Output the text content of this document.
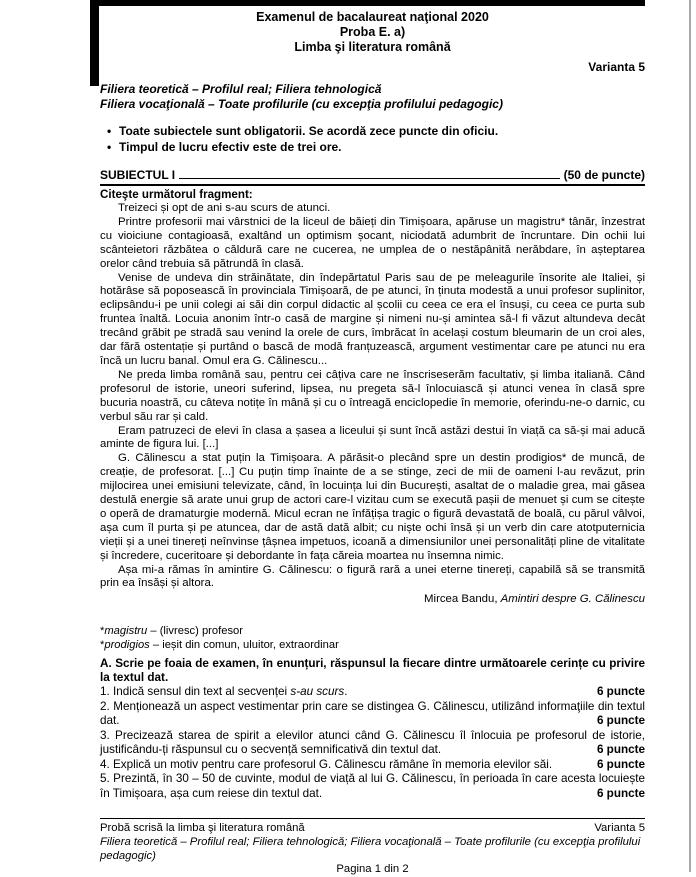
Examenul de bacalaureat naţional 2020
Proba E. a)
Limba şi literatura română
Varianta 5
Filiera teoretică – Profilul real; Filiera tehnologică
Filiera vocaţională – Toate profilurile (cu excepţia profilului pedagogic)
• Toate subiectele sunt obligatorii. Se acordă zece puncte din oficiu.
• Timpul de lucru efectiv este de trei ore.
SUBIECTUL I	(50 de puncte)
Citeşte următorul fragment:

Treizeci și opt de ani s-au scurs de atunci.

Printre profesorii mai vârstnici de la liceul de băieți din Timișoara, apăruse un magistru* tânăr, înzestrat cu vioiciune contagioasă, exaltând un optimism șocant, niciodată adumbrit de încruntare. Din ochii lui scânteietori răzbătea o căldură care ne cucerea, ne umplea de o nestăpânită nerăbdare, în așteptarea orelor când trebuia să pătrundă în clasă.

Venise de undeva din străinătate, din îndepărtatul Paris sau de pe meleagurile însorite ale Italiei, și hotărâse să poposească în provinciala Timișoară, de pe atunci, în ținuta modestă a unui profesor suplinitor, eclipsându-i pe unii colegi ai săi din corpul didactic al școlii cu ceea ce era el însuși, cu ceea ce purta sub fruntea înaltă. Locuia anonim într-o casă de margine și nimeni nu-și amintea să-l fi văzut altundeva decât trecând grăbit pe stradă sau venind la orele de curs, îmbrăcat în același costum bleumarin de un croi ales, dar fără ostentație și purtând o bască de modă franțuzească, argument vestimentar care pe atunci nu era încă un lucru banal. Omul era G. Călinescu...

Ne preda limba română sau, pentru cei câțiva care ne înscriseserăm facultativ, și limba italiană. Când profesorul de istorie, uneori suferind, lipsea, nu pregeta să-l înlocuiască și atunci venea în clasă spre bucuria noastră, cu câteva notițe în mână și cu o întreagă enciclopedie în memorie, oferindu-ne-o darnic, cu verbul său rar și cald.

Eram patruzeci de elevi în clasa a șasea a liceului și sunt încă astăzi destui în viață ca să-și mai aducă aminte de figura lui. [...]

G. Călinescu a stat puțin la Timișoara. A părăsit-o plecând spre un destin prodigios* de muncă, de creație, de profesorat. [...] Cu puțin timp înainte de a se stinge, zeci de mii de oameni l-au revăzut, prin mijlocirea unei emisiuni televizate, când, în locuința lui din București, asaltat de o maladie grea, mai găsea destulă energie să arate unui grup de actori care-l vizitau cum se execută pașii de menuet și cum se citește o operă de dramaturgie modernă. Micul ecran ne înfățișa tragic o figură devastată de boală, cu părul vâlvoi, așa cum îl purta și pe atuncea, dar de astă dată albit; cu niște ochi însă și un verb din care atotputernicia vieții și a unei tinereți neînvinse țâșnea impetuos, icoană a dimensiunilor unei personalități pline de vitalitate și încredere, cuceritoare și debordante în fața căreia moartea nu însemna nimic.

Așa mi-a rămas în amintire G. Călinescu: o figură rară a unei eterne tinereți, capabilă să se transmită prin ea însăși și altora.

Mircea Bandu, Amintiri despre G. Călinescu
*magistru – (livresc) profesor
*prodigios – ieșit din comun, uluitor, extraordinar
A. Scrie pe foaia de examen, în enunțuri, răspunsul la fiecare dintre următoarele cerințe cu privire la textul dat.
1. Indică sensul din text al secvenței s-au scurs.	6 puncte
2. Menționează un aspect vestimentar prin care se distingea G. Călinescu, utilizând informaţiile din textul dat.	6 puncte
3. Precizează starea de spirit a elevilor atunci când G. Călinescu îl înlocuia pe profesorul de istorie, justificându-ți răspunsul cu o secvență semnificativă din textul dat.	6 puncte
4. Explică un motiv pentru care profesorul G. Călinescu rămâne în memoria elevilor săi.	6 puncte
5. Prezintă, în 30 – 50 de cuvinte, modul de viață al lui G. Călinescu, în perioada în care acesta locuiește în Timișoara, așa cum reiese din textul dat.	6 puncte
Probă scrisă la limba şi literatura română	Varianta 5
Filiera teoretică – Profilul real; Filiera tehnologică; Filiera vocaţională – Toate profilurile (cu excepţia profilului pedagogic)
Pagina 1 din 2
